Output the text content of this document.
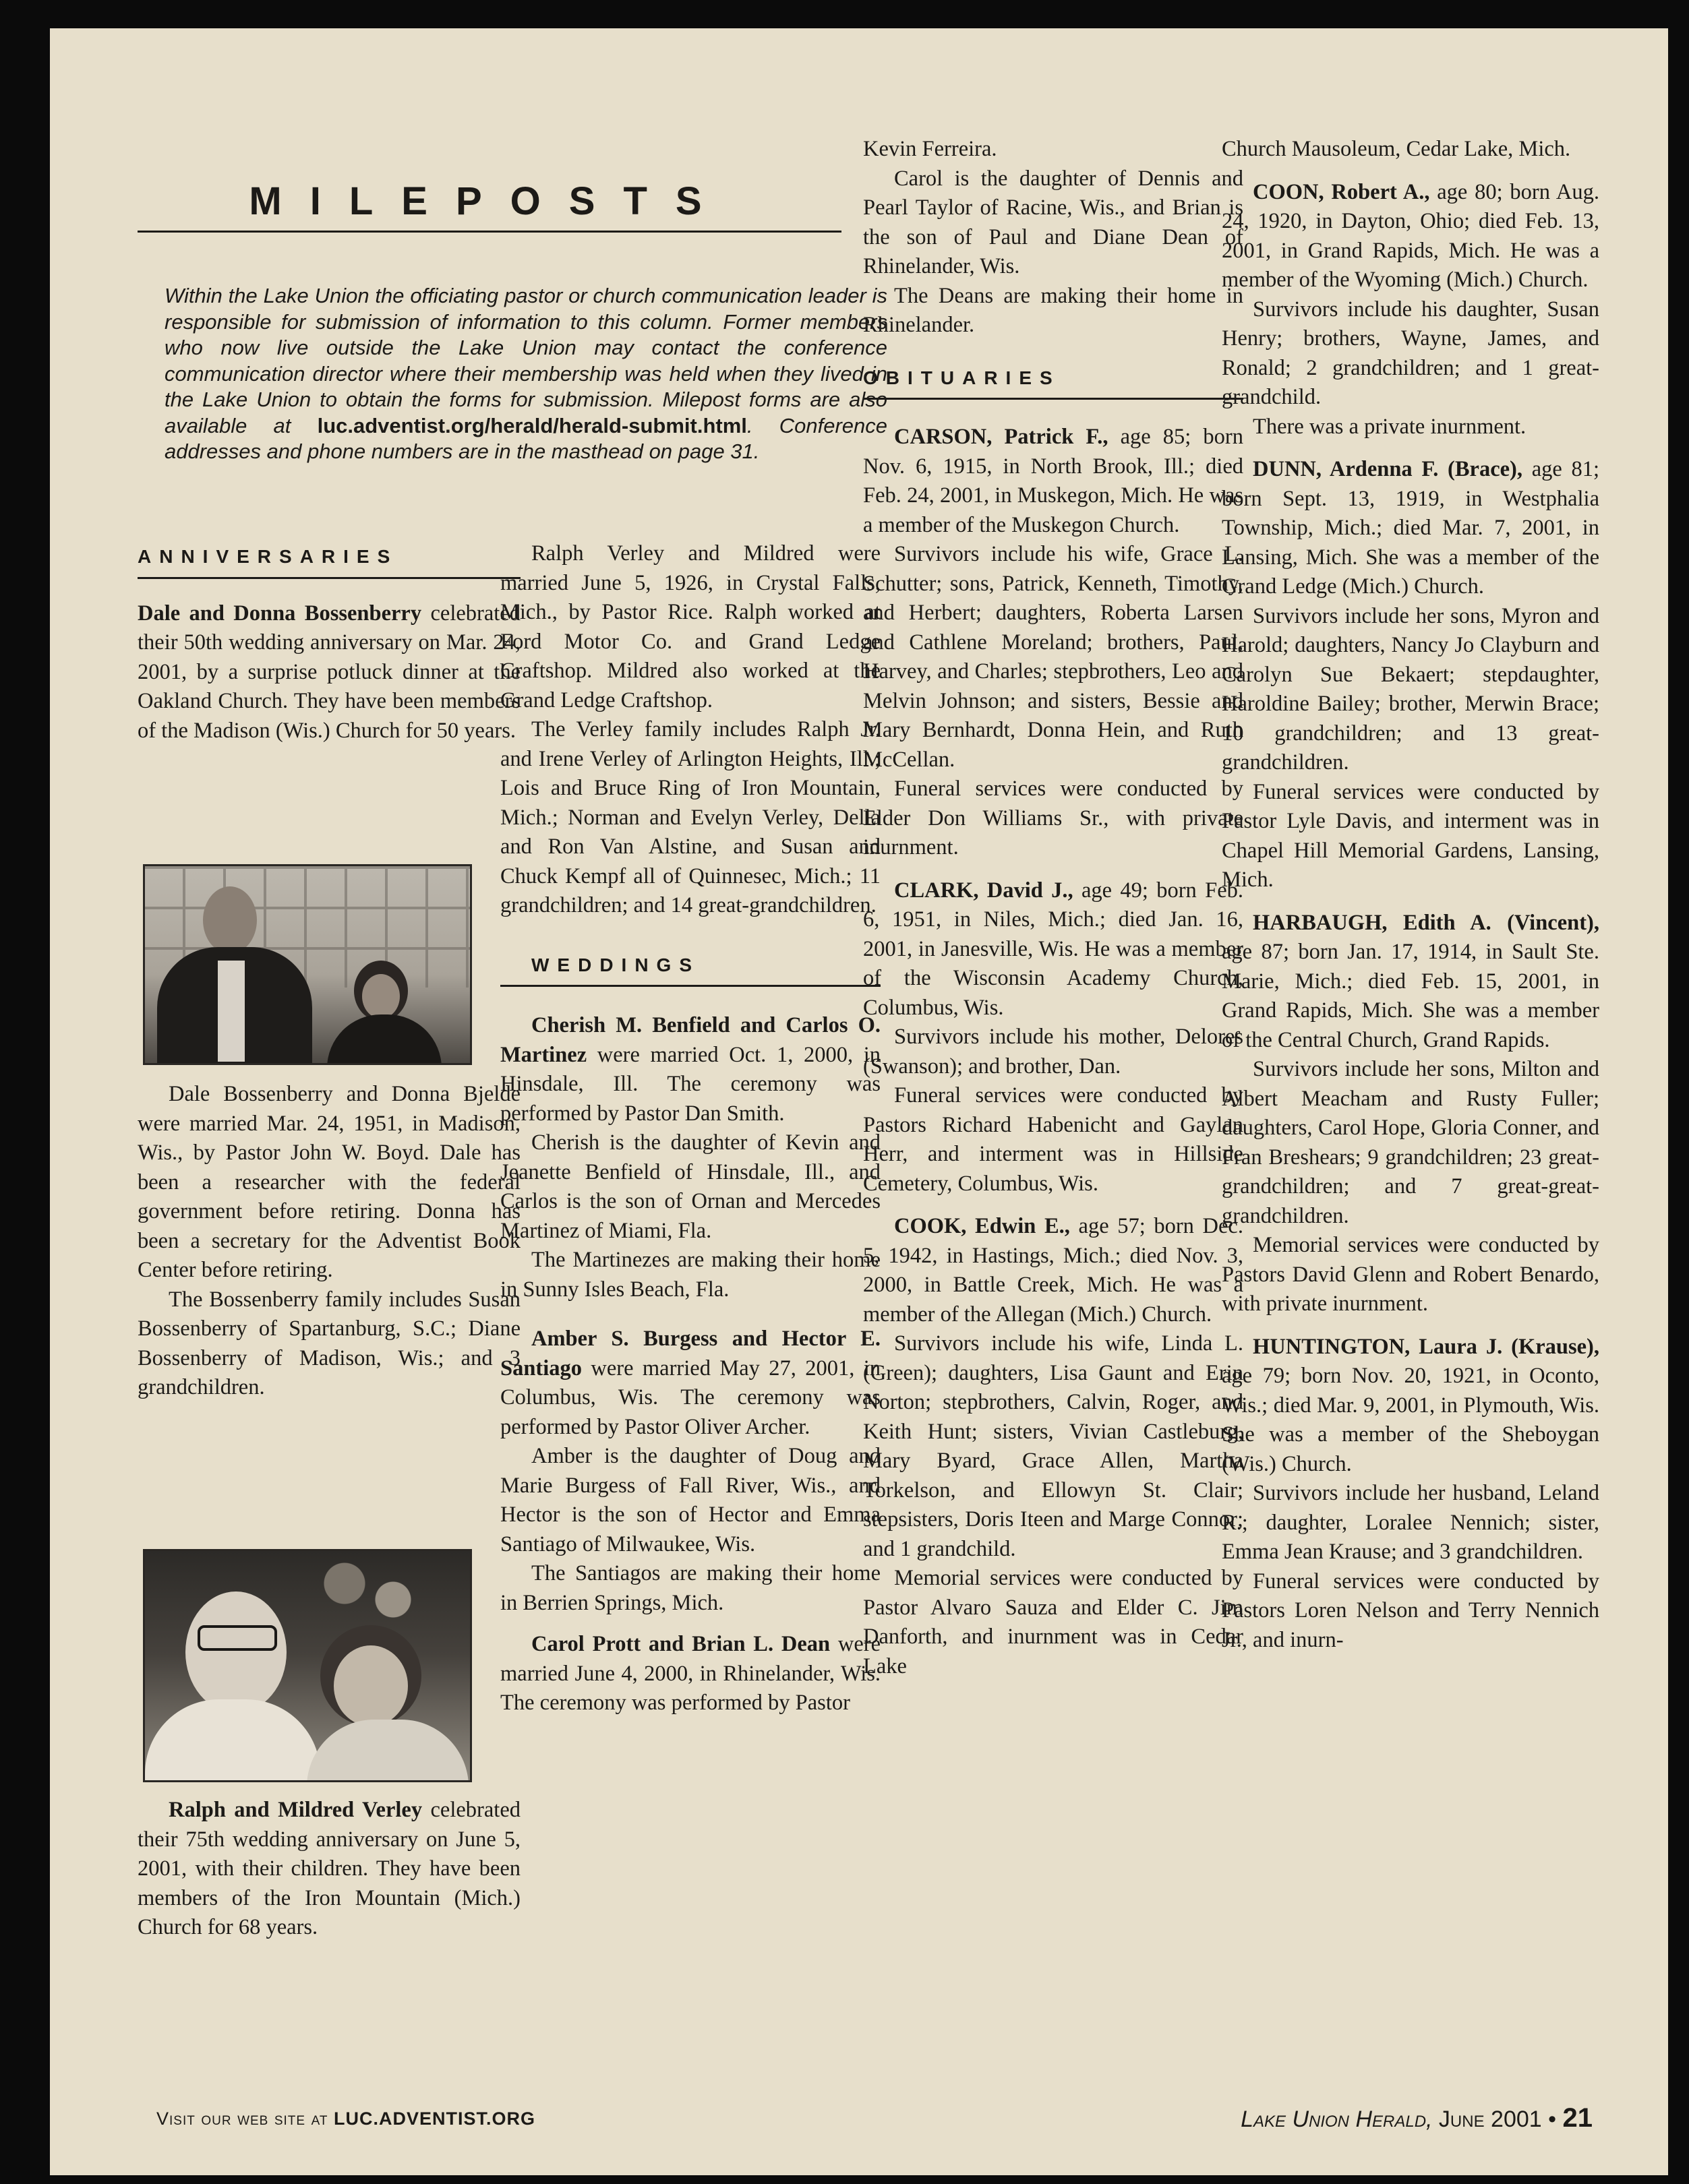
MILEPOSTS
Within the Lake Union the officiating pastor or church communication leader is responsible for submission of information to this column. Former members who now live outside the Lake Union may contact the conference communication director where their membership was held when they lived in the Lake Union to obtain the forms for submission. Milepost forms are also available at luc.adventist.org/herald/herald-submit.html. Conference addresses and phone numbers are in the masthead on page 31.
ANNIVERSARIES

Dale and Donna Bossenberry celebrated their 50th wedding anniversary on Mar. 24, 2001, by a surprise potluck dinner at the Oakland Church. They have been members of the Madison (Wis.) Church for 50 years.

Dale Bossenberry and Donna Bjelde were married Mar. 24, 1951, in Madison, Wis., by Pastor John W. Boyd. Dale has been a researcher with the federal government before retiring. Donna has been a secretary for the Adventist Book Center before retiring.

The Bossenberry family includes Susan Bossenberry of Spartanburg, S.C.; Diane Bossenberry of Madison, Wis.; and 3 grandchildren.

Ralph and Mildred Verley celebrated their 75th wedding anniversary on June 5, 2001, with their children. They have been members of the Iron Mountain (Mich.) Church for 68 years.

Ralph Verley and Mildred were married June 5, 1926, in Crystal Falls, Mich., by Pastor Rice. Ralph worked at Ford Motor Co. and Grand Ledge Craftshop. Mildred also worked at the Grand Ledge Craftshop.

The Verley family includes Ralph Jr. and Irene Verley of Arlington Heights, Ill.; Lois and Bruce Ring of Iron Mountain, Mich.; Norman and Evelyn Verley, Della and Ron Van Alstine, and Susan and Chuck Kempf all of Quinnesec, Mich.; 11 grandchildren; and 14 great-grandchildren.

WEDDINGS

Cherish M. Benfield and Carlos O. Martinez were married Oct. 1, 2000, in Hinsdale, Ill. The ceremony was performed by Pastor Dan Smith.

Cherish is the daughter of Kevin and Jeanette Benfield of Hinsdale, Ill., and Carlos is the son of Ornan and Mercedes Martinez of Miami, Fla.

The Martinezes are making their home in Sunny Isles Beach, Fla.

Amber S. Burgess and Hector E. Santiago were married May 27, 2001, in Columbus, Wis. The ceremony was performed by Pastor Oliver Archer.

Amber is the daughter of Doug and Marie Burgess of Fall River, Wis., and Hector is the son of Hector and Emma Santiago of Milwaukee, Wis.

The Santiagos are making their home in Berrien Springs, Mich.

Carol Prott and Brian L. Dean were married June 4, 2000, in Rhinelander, Wis. The ceremony was performed by Pastor

Kevin Ferreira.

Carol is the daughter of Dennis and Pearl Taylor of Racine, Wis., and Brian is the son of Paul and Diane Dean of Rhinelander, Wis.

The Deans are making their home in Rhinelander.

OBITUARIES

CARSON, Patrick F., age 85; born Nov. 6, 1915, in North Brook, Ill.; died Feb. 24, 2001, in Muskegon, Mich. He was a member of the Muskegon Church.

Survivors include his wife, Grace L. Schutter; sons, Patrick, Kenneth, Timothy, and Herbert; daughters, Roberta Larsen and Cathlene Moreland; brothers, Paul, Harvey, and Charles; stepbrothers, Leo and Melvin Johnson; and sisters, Bessie and Mary Bernhardt, Donna Hein, and Ruth McCellan.

Funeral services were conducted by Elder Don Williams Sr., with private inurnment.

CLARK, David J., age 49; born Feb. 6, 1951, in Niles, Mich.; died Jan. 16, 2001, in Janesville, Wis. He was a member of the Wisconsin Academy Church, Columbus, Wis.

Survivors include his mother, Delores (Swanson); and brother, Dan.

Funeral services were conducted by Pastors Richard Habenicht and Gaylan Herr, and interment was in Hillside Cemetery, Columbus, Wis.

COOK, Edwin E., age 57; born Dec. 5, 1942, in Hastings, Mich.; died Nov. 3, 2000, in Battle Creek, Mich. He was a member of the Allegan (Mich.) Church.

Survivors include his wife, Linda L. (Green); daughters, Lisa Gaunt and Erin Norton; stepbrothers, Calvin, Roger, and Keith Hunt; sisters, Vivian Castleburg, Mary Byard, Grace Allen, Martha Torkelson, and Ellowyn St. Clair; stepsisters, Doris Iteen and Marge Connor; and 1 grandchild.

Memorial services were conducted by Pastor Alvaro Sauza and Elder C. Jim Danforth, and inurnment was in Cedar Lake

Church Mausoleum, Cedar Lake, Mich.

COON, Robert A., age 80; born Aug. 24, 1920, in Dayton, Ohio; died Feb. 13, 2001, in Grand Rapids, Mich. He was a member of the Wyoming (Mich.) Church.

Survivors include his daughter, Susan Henry; brothers, Wayne, James, and Ronald; 2 grandchildren; and 1 great-grandchild.

There was a private inurnment.

DUNN, Ardenna F. (Brace), age 81; born Sept. 13, 1919, in Westphalia Township, Mich.; died Mar. 7, 2001, in Lansing, Mich. She was a member of the Grand Ledge (Mich.) Church.

Survivors include her sons, Myron and Harold; daughters, Nancy Jo Clayburn and Carolyn Sue Bekaert; stepdaughter, Haroldine Bailey; brother, Merwin Brace; 10 grandchildren; and 13 great-grandchildren.

Funeral services were conducted by Pastor Lyle Davis, and interment was in Chapel Hill Memorial Gardens, Lansing, Mich.

HARBAUGH, Edith A. (Vincent), age 87; born Jan. 17, 1914, in Sault Ste. Marie, Mich.; died Feb. 15, 2001, in Grand Rapids, Mich. She was a member of the Central Church, Grand Rapids.

Survivors include her sons, Milton and Albert Meacham and Rusty Fuller; daughters, Carol Hope, Gloria Conner, and Fran Breshears; 9 grandchildren; 23 great-grandchildren; and 7 great-great-grandchildren.

Memorial services were conducted by Pastors David Glenn and Robert Benardo, with private inurnment.

HUNTINGTON, Laura J. (Krause), age 79; born Nov. 20, 1921, in Oconto, Wis.; died Mar. 9, 2001, in Plymouth, Wis. She was a member of the Sheboygan (Wis.) Church.

Survivors include her husband, Leland R.; daughter, Loralee Nennich; sister, Emma Jean Krause; and 3 grandchildren.

Funeral services were conducted by Pastors Loren Nelson and Terry Nennich Jr., and inurn-

Visit our web site at LUC.ADVENTIST.ORG	Lake Union Herald, June 2001 • 21
